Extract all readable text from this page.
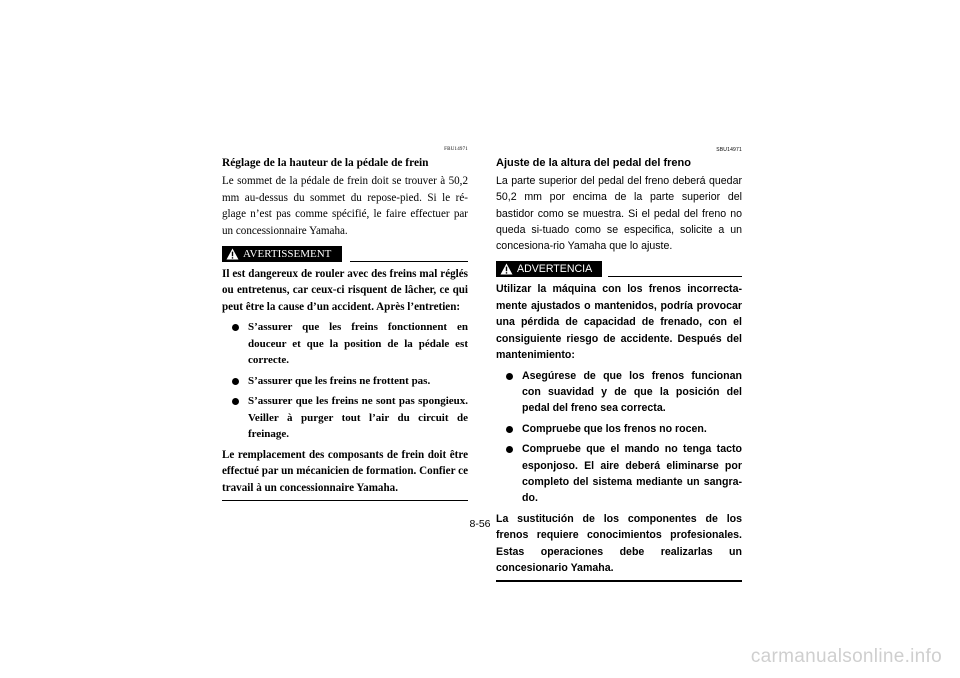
FBU14971
Réglage de la hauteur de la pédale de frein

Le sommet de la pédale de frein doit se trouver à 50,2 mm au-dessus du sommet du repose-pied. Si le ré-glage n’est pas comme spécifié, le faire effectuer par un concessionnaire Yamaha.

AVERTISSEMENT

Il est dangereux de rouler avec des freins mal réglés ou entretenus, car ceux-ci risquent de lâcher, ce qui peut être la cause d’un accident. Après l’entretien:

S’assurer que les freins fonctionnent en douceur et que la position de la pédale est correcte.
S’assurer que les freins ne frottent pas.
S’assurer que les freins ne sont pas spongieux. Veiller à purger tout l’air du circuit de freinage.

Le remplacement des composants de frein doit être effectué par un mécanicien de formation. Confier ce travail à un concessionnaire Yamaha.

SBU14971
Ajuste de la altura del pedal del freno

La parte superior del pedal del freno deberá quedar 50,2 mm por encima de la parte superior del bastidor como se muestra. Si el pedal del freno no queda si-tuado como se especifica, solicite a un concesiona-rio Yamaha que lo ajuste.

ADVERTENCIA

Utilizar la máquina con los frenos incorrecta-mente ajustados o mantenidos, podría provocar una pérdida de capacidad de frenado, con el consiguiente riesgo de accidente. Después del mantenimiento:

Asegúrese de que los frenos funcionan con suavidad y de que la posición del pedal del freno sea correcta.
Compruebe que los frenos no rocen.
Compruebe que el mando no tenga tacto esponjoso. El aire deberá eliminarse por completo del sistema mediante un sangra-do.

La sustitución de los componentes de los frenos requiere conocimientos profesionales. Estas operaciones debe realizarlas un concesionario Yamaha.

8-56
carmanualsonline.info
